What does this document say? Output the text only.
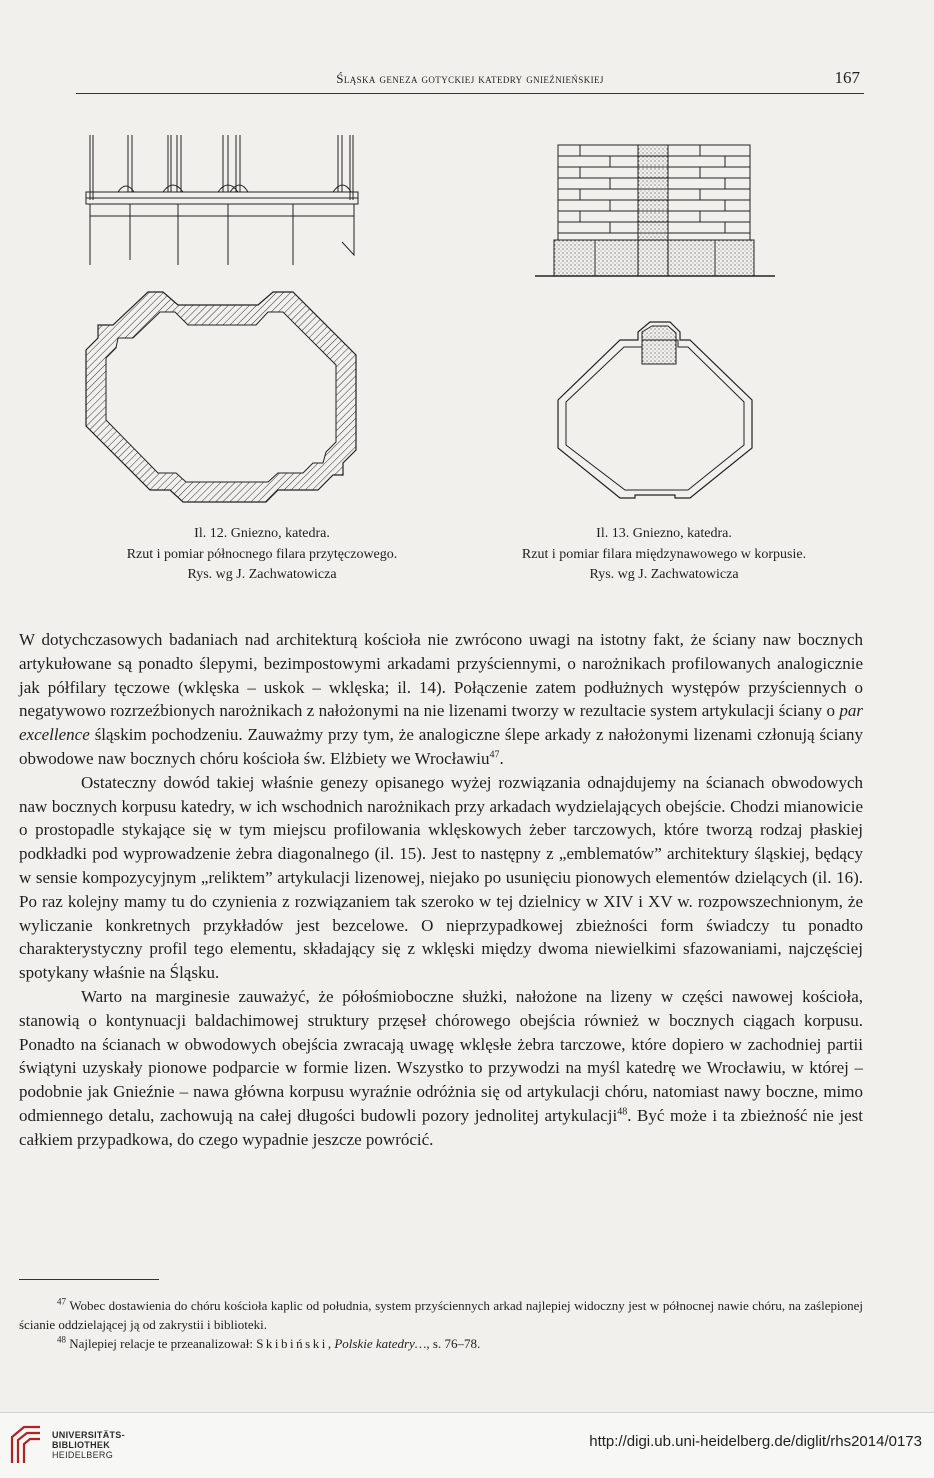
Śląska geneza gotyckiej katedry gnieźnieńskiej	167
Il. 12. Gniezno, katedra.
Rzut i pomiar północnego filara przytęczowego.
Rys. wg J. Zachwatowicza
Il. 13. Gniezno, katedra.
Rzut i pomiar filara międzynawowego w korpusie.
Rys. wg J. Zachwatowicza

W dotychczasowych badaniach nad architekturą kościoła nie zwrócono uwagi na istotny fakt, że ściany naw bocznych artykułowane są ponadto ślepymi, bezimpostowymi arkadami przyściennymi, o narożnikach profilowanych analogicznie jak półfilary tęczowe (wklęska – uskok – wklęska; il. 14). Połączenie zatem podłużnych występów przyściennych o negatywowo rozrzeźbionych narożnikach z nałożonymi na nie lizenami tworzy w rezultacie system artykulacji ściany o par excellence śląskim pochodzeniu. Zauważmy przy tym, że analogiczne ślepe arkady z nałożonymi lizenami członują ściany obwodowe naw bocznych chóru kościoła św. Elżbiety we Wrocławiu$^{47}$.

Ostateczny dowód takiej właśnie genezy opisanego wyżej rozwiązania odnajdujemy na ścianach obwodowych naw bocznych korpusu katedry, w ich wschodnich narożnikach przy arkadach wydzielających obejście. Chodzi mianowicie o prostopadle stykające się w tym miejscu profilowania wklęskowych żeber tarczowych, które tworzą rodzaj płaskiej podkładki pod wyprowadzenie żebra diagonalnego (il. 15). Jest to następny z „emblematów” architektury śląskiej, będący w sensie kompozycyjnym „reliktem” artykulacji lizenowej, niejako po usunięciu pionowych elementów dzielących (il. 16). Po raz kolejny mamy tu do czynienia z rozwiązaniem tak szeroko w tej dzielnicy w XIV i XV w. rozpowszechnionym, że wyliczanie konkretnych przykładów jest bezcelowe. O nieprzypadkowej zbieżności form świadczy tu ponadto charakterystyczny profil tego elementu, składający się z wklęski między dwoma niewielkimi sfazowaniami, najczęściej spotykany właśnie na Śląsku.

Warto na marginesie zauważyć, że półośmioboczne służki, nałożone na lizeny w części nawowej kościoła, stanowią o kontynuacji baldachimowej struktury przęseł chórowego obejścia również w bocznych ciągach korpusu. Ponadto na ścianach w obwodowych obejścia zwracają uwagę wklęsłe żebra tarczowe, które dopiero w zachodniej partii świątyni uzyskały pionowe podparcie w formie lizen. Wszystko to przywodzi na myśl katedrę we Wrocławiu, w której – podobnie jak Gnieźnie – nawa główna korpusu wyraźnie odróżnia się od artykulacji chóru, natomiast nawy boczne, mimo odmiennego detalu, zachowują na całej długości budowli pozory jednolitej artykulacji$^{48}$. Być może i ta zbieżność nie jest całkiem przypadkowa, do czego wypadnie jeszcze powrócić.

$^{47}$ Wobec dostawienia do chóru kościoła kaplic od południa, system przyściennych arkad najlepiej widoczny jest w północnej nawie chóru, na zaślepionej ścianie oddzielającej ją od zakrystii i biblioteki.

$^{48}$ Najlepiej relacje te przeanalizował: Skibiński, Polskie katedry…, s. 76–78.

UNIVERSITÄTS-
BIBLIOTHEK
HEIDELBERG
http://digi.ub.uni-heidelberg.de/diglit/rhs2014/0173
